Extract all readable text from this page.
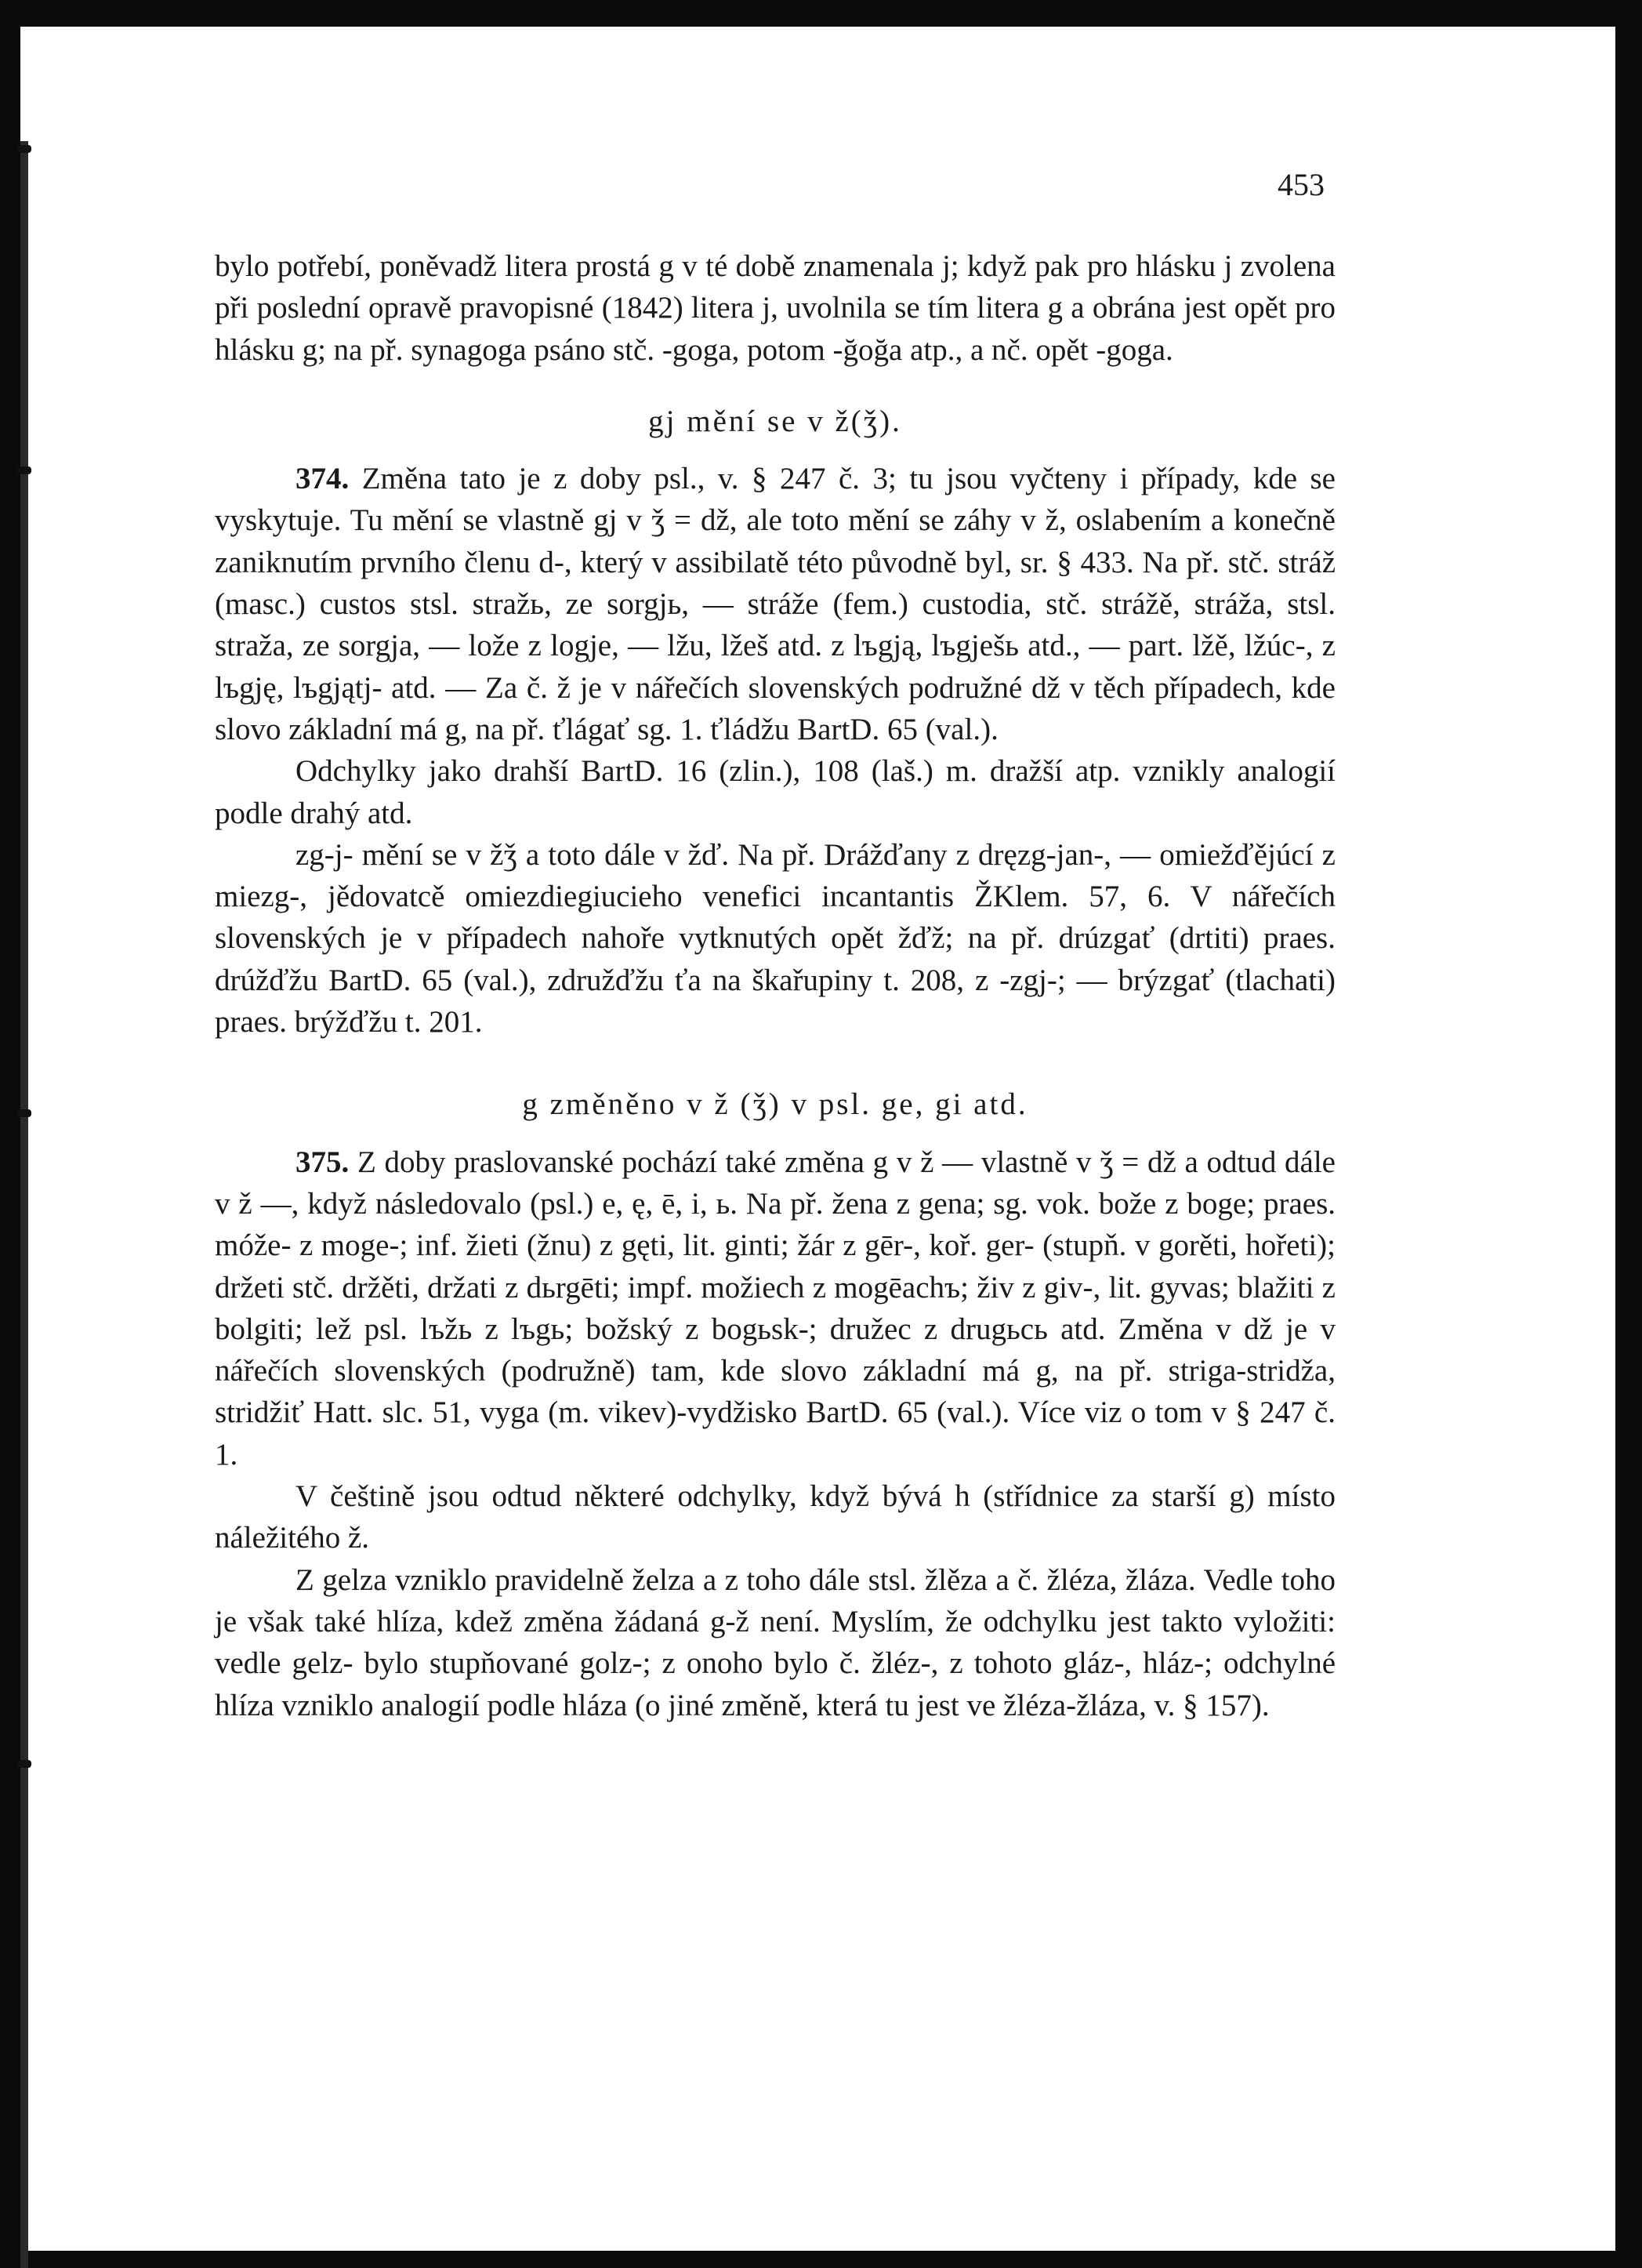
453

bylo potřebí, poněvadž litera prostá g v té době znamenala j; když pak pro hlásku j zvolena při poslední opravě pravopisné (1842) litera j, uvolnila se tím litera g a obrána jest opět pro hlásku g; na př. synagoga psáno stč. -goga, potom -ğoğa atp., a nč. opět -goga.

gj mění se v ž(ǯ).

374. Změna tato je z doby psl., v. § 247 č. 3; tu jsou vyčteny i případy, kde se vyskytuje. Tu mění se vlastně gj v ǯ = dž, ale toto mění se záhy v ž, oslabením a konečně zaniknutím prvního členu d-, který v assibilatě této původně byl, sr. § 433. Na př. stč. stráž (masc.) custos stsl. stražь, ze sorgjь, — stráže (fem.) custodia, stč. strážě, stráža, stsl. straža, ze sorgja, — lože z logje, — lžu, lžeš atd. z lъgją, lъgješь atd., — part. lžě, lžúc-, z lъgję, lъgjątj- atd. — Za č. ž je v nářečích slovenských podružné dž v těch případech, kde slovo základní má g, na př. ťlágať sg. 1. ťládžu BartD. 65 (val.).

Odchylky jako drahší BartD. 16 (zlin.), 108 (laš.) m. dražší atp. vznikly analogií podle drahý atd.

zg-j- mění se v žǯ a toto dále v žď. Na př. Drážďany z dręzg-jan-, — omiežďějúcí z miezg-, jědovatcě omiezdiegiucieho venefici incantantis ŽKlem. 57, 6. V nářečích slovenských je v případech nahoře vytknutých opět žďž; na př. drúzgať (drtiti) praes. drúžďžu BartD. 65 (val.), združďžu ťa na škařupiny t. 208, z -zgj-; — brýzgať (tlachati) praes. brýžďžu t. 201.

g změněno v ž (ǯ) v psl. ge, gi atd.

375. Z doby praslovanské pochází také změna g v ž — vlastně v ǯ = dž a odtud dále v ž —, když následovalo (psl.) e, ę, ē, i, ь. Na př. žena z gena; sg. vok. bože z boge; praes. móže- z moge-; inf. žieti (žnu) z gęti, lit. ginti; žár z gēr-, koř. ger- (stupň. v gorěti, hořeti); držeti stč. držěti, držati z dьrgēti; impf. možiech z mogēachъ; živ z giv-, lit. gyvas; blažiti z bolgiti; lež psl. lъžь z lъgь; božský z bogьsk-; družec z drugьcь atd. Změna v dž je v nářečích slovenských (podružně) tam, kde slovo základní má g, na př. striga-stridža, stridžiť Hatt. slc. 51, vyga (m. vikev)-vydžisko BartD. 65 (val.). Více viz o tom v § 247 č. 1.

V češtině jsou odtud některé odchylky, když bývá h (střídnice za starší g) místo náležitého ž.

Z gelza vzniklo pravidelně želza a z toho dále stsl. žlěza a č. žléza, žláza. Vedle toho je však také hlíza, kdež změna žádaná g-ž není. Myslím, že odchylku jest takto vyložiti: vedle gelz- bylo stupňované golz-; z onoho bylo č. žléz-, z tohoto gláz-, hláz-; odchylné hlíza vzniklo analogií podle hláza (o jiné změně, která tu jest ve žléza-žláza, v. § 157).
